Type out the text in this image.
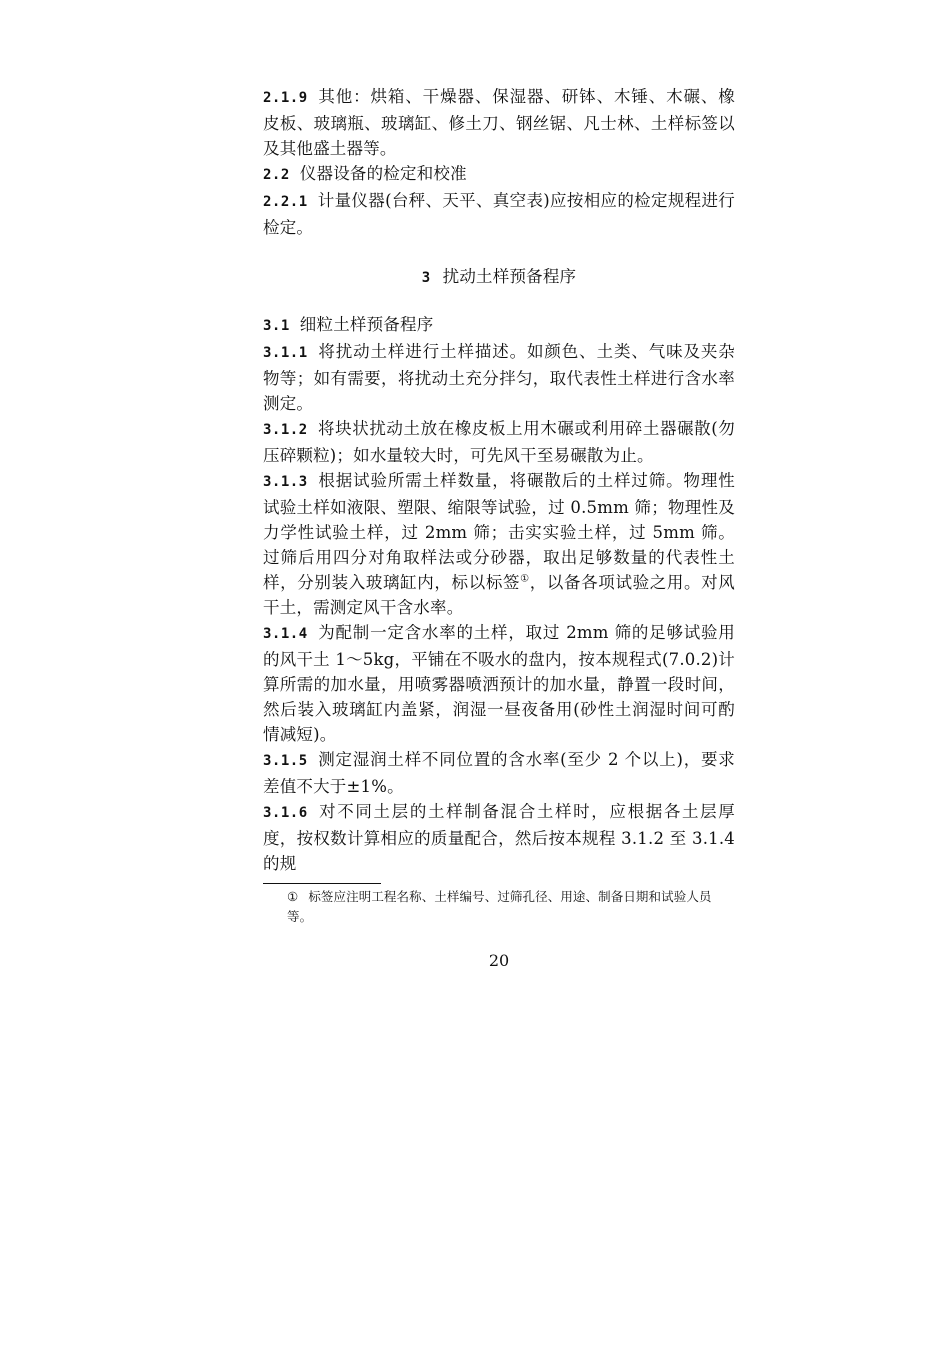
2.1.9 其他：烘箱、干燥器、保湿器、研钵、木锤、木碾、橡皮板、玻璃瓶、玻璃缸、修土刀、钢丝锯、凡士林、土样标签以及其他盛土器等。

2.2 仪器设备的检定和校准

2.2.1 计量仪器(台秤、天平、真空表)应按相应的检定规程进行检定。

3 扰动土样预备程序

3.1 细粒土样预备程序

3.1.1 将扰动土样进行土样描述。如颜色、土类、气味及夹杂物等；如有需要，将扰动土充分拌匀，取代表性土样进行含水率测定。

3.1.2 将块状扰动土放在橡皮板上用木碾或利用碎土器碾散(勿压碎颗粒)；如水量较大时，可先风干至易碾散为止。

3.1.3 根据试验所需土样数量，将碾散后的土样过筛。物理性试验土样如液限、塑限、缩限等试验，过 0.5mm 筛；物理性及力学性试验土样，过 2mm 筛；击实实验土样，过 5mm 筛。过筛后用四分对角取样法或分砂器，取出足够数量的代表性土样，分别装入玻璃缸内，标以标签①，以备各项试验之用。对风干土，需测定风干含水率。

3.1.4 为配制一定含水率的土样，取过 2mm 筛的足够试验用的风干土 1～5kg，平铺在不吸水的盘内，按本规程式(7.0.2)计算所需的加水量，用喷雾器喷洒预计的加水量，静置一段时间，然后装入玻璃缸内盖紧，润湿一昼夜备用(砂性土润湿时间可酌情减短)。

3.1.5 测定湿润土样不同位置的含水率(至少 2 个以上)，要求差值不大于±1%。

3.1.6 对不同土层的土样制备混合土样时，应根据各土层厚度，按权数计算相应的质量配合，然后按本规程 3.1.2 至 3.1.4 的规

① 标签应注明工程名称、土样编号、过筛孔径、用途、制备日期和试验人员等。

20
